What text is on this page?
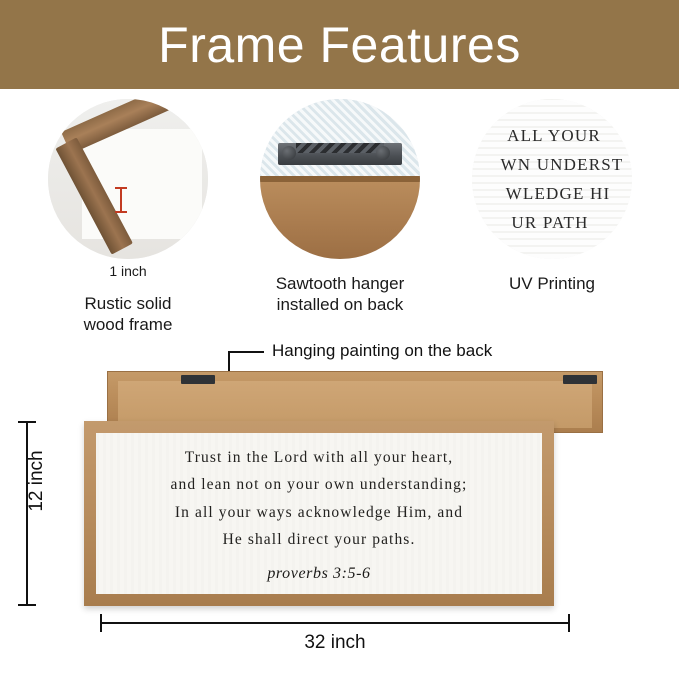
Frame Features
1 inch
Rustic solid
wood frame
Sawtooth hanger
installed on back
ALL YOUR
WN UNDERST
WLEDGE HI
UR PATH
UV Printing
Hanging painting on the back
Trust in the Lord with all your heart,
and lean not on your own understanding;
In all your ways acknowledge Him, and
He shall direct your paths.
proverbs 3:5-6
12 inch
32 inch
